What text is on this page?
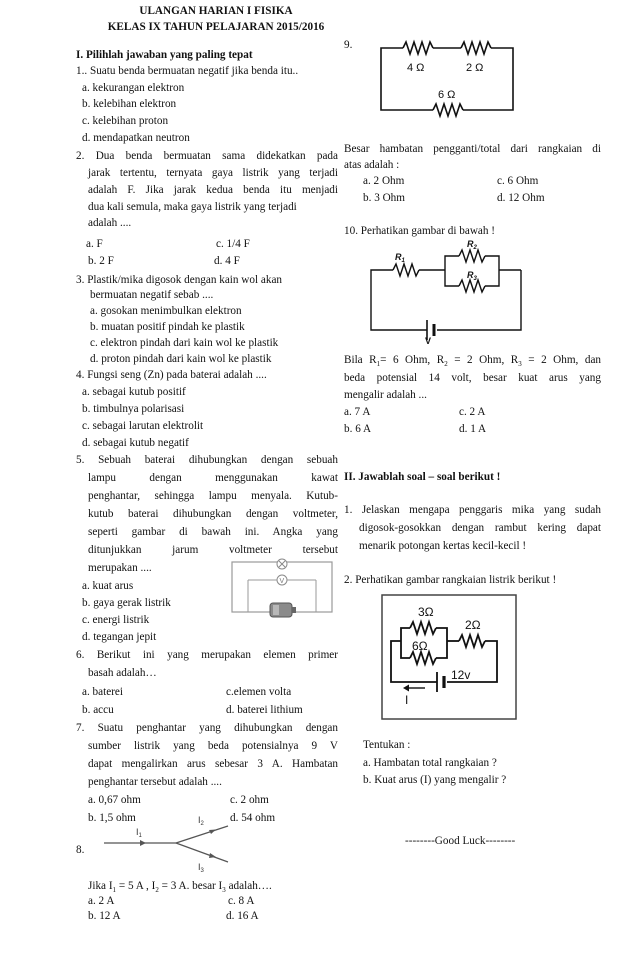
ULANGAN HARIAN I FISIKA
KELAS IX TAHUN PELAJARAN 2015/2016
I. Pilihlah jawaban yang paling tepat
1.. Suatu benda bermuatan negatif jika benda itu..
a. kekurangan elektron
b. kelebihan elektron
c. kelebihan proton
d. mendapatkan neutron
2. Dua benda bermuatan sama didekatkan pada
jarak tertentu, ternyata gaya listrik yang terjadi
adalah F. Jika jarak kedua benda itu menjadi
dua kali semula, maka gaya listrik yang terjadi
adalah ....
a. F	c. 1/4 F
b. 2 F	d. 4 F
3. Plastik/mika digosok dengan kain wol akan
bermuatan negatif sebab ....
a. gosokan menimbulkan elektron
b. muatan positif pindah ke plastik
c. elektron pindah dari kain wol ke plastik
d. proton pindah dari kain wol ke plastik
4. Fungsi seng (Zn) pada baterai adalah ....
a. sebagai kutub positif
b. timbulnya polarisasi
c. sebagai larutan elektrolit
d. sebagai kutub negatif
5. Sebuah baterai dihubungkan dengan sebuah
lampu dengan menggunakan kawat
penghantar, sehingga lampu menyala. Kutub-
kutub baterai dihubungkan dengan voltmeter,
seperti gambar di bawah ini. Angka yang
ditunjukkan jarum voltmeter tersebut
merupakan ....
a. kuat arus
b. gaya gerak listrik
c. energi listrik
d. tegangan jepit
V
6. Berikut ini yang merupakan elemen primer
basah adalah…
a. baterei	c.elemen volta
b. accu	d. baterei lithium
7. Suatu penghantar yang dihubungkan dengan
sumber listrik yang beda potensialnya 9 V
dapat mengalirkan arus sebesar 3 A. Hambatan
penghantar tersebut adalah ....
a. 0,67 ohm	c. 2 ohm
b. 1,5 ohm	d. 54 ohm
8.
$I_1$
$I_2$
$I_3$
Jika $I_1 = 5$ A , $I_2 = 3$ A. besar $I_3$ adalah….
a. 2 A	c. 8 A
b. 12 A	d. 16 A
9.
4 Ω	2 Ω
6 Ω
Besar hambatan pengganti/total dari rangkaian di
atas adalah :
a. 2 Ohm	c. 6 Ohm
b. 3 Ohm	d. 12 Ohm
10. Perhatikan gambar di bawah !
$R_1$
$R_2$
$R_3$
V
Bila $R_1= 6$ Ohm, $R_2 = 2$ Ohm, $R_3 = 2$ Ohm, dan
beda potensial 14 volt, besar kuat arus yang
mengalir adalah ...
a. 7 A	c. 2 A
b. 6 A	d. 1 A
II. Jawablah soal – soal berikut !
1. Jelaskan mengapa penggaris mika yang sudah
digosok-gosokkan dengan rambut kering dapat
menarik potongan kertas kecil-kecil !
2. Perhatikan gambar rangkaian listrik berikut !
3Ω
2Ω
6Ω
12v
I
Tentukan :
a. Hambatan total rangkaian ?
b. Kuat arus (I) yang mengalir ?
--------Good Luck--------
